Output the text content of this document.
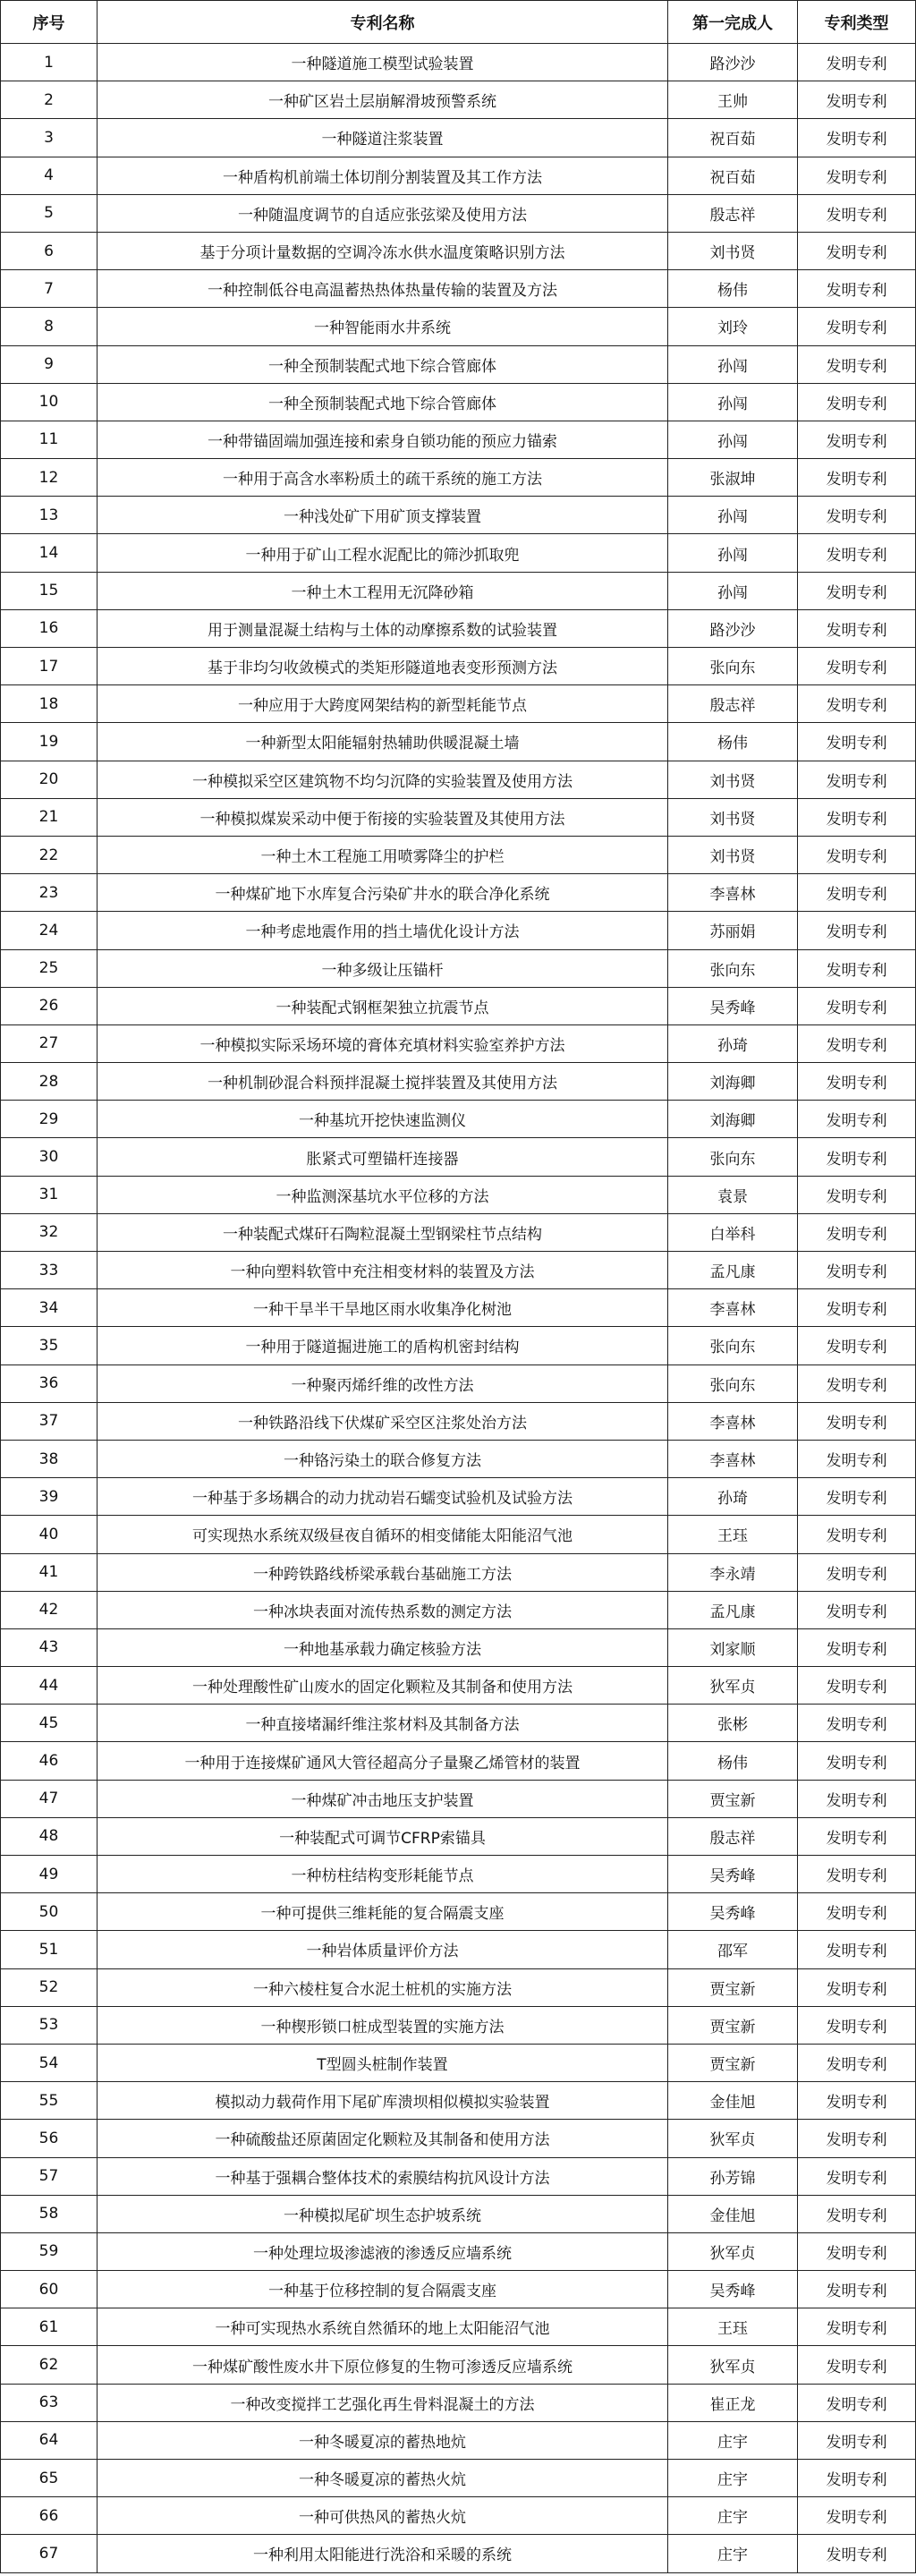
序号	专利名称	第一完成人	专利类型
1	一种隧道施工模型试验装置	路沙沙	发明专利
2	一种矿区岩土层崩解滑坡预警系统	王帅	发明专利
3	一种隧道注浆装置	祝百茹	发明专利
4	一种盾构机前端土体切削分割装置及其工作方法	祝百茹	发明专利
5	一种随温度调节的自适应张弦梁及使用方法	殷志祥	发明专利
6	基于分项计量数据的空调冷冻水供水温度策略识别方法	刘书贤	发明专利
7	一种控制低谷电高温蓄热热体热量传输的装置及方法	杨伟	发明专利
8	一种智能雨水井系统	刘玲	发明专利
9	一种全预制装配式地下综合管廊体	孙闯	发明专利
10	一种全预制装配式地下综合管廊体	孙闯	发明专利
11	一种带锚固端加强连接和索身自锁功能的预应力锚索	孙闯	发明专利
12	一种用于高含水率粉质土的疏干系统的施工方法	张淑坤	发明专利
13	一种浅处矿下用矿顶支撑装置	孙闯	发明专利
14	一种用于矿山工程水泥配比的筛沙抓取兜	孙闯	发明专利
15	一种土木工程用无沉降砂箱	孙闯	发明专利
16	用于测量混凝土结构与土体的动摩擦系数的试验装置	路沙沙	发明专利
17	基于非均匀收敛模式的类矩形隧道地表变形预测方法	张向东	发明专利
18	一种应用于大跨度网架结构的新型耗能节点	殷志祥	发明专利
19	一种新型太阳能辐射热辅助供暖混凝土墙	杨伟	发明专利
20	一种模拟采空区建筑物不均匀沉降的实验装置及使用方法	刘书贤	发明专利
21	一种模拟煤炭采动中便于衔接的实验装置及其使用方法	刘书贤	发明专利
22	一种土木工程施工用喷雾降尘的护栏	刘书贤	发明专利
23	一种煤矿地下水库复合污染矿井水的联合净化系统	李喜林	发明专利
24	一种考虑地震作用的挡土墙优化设计方法	苏丽娟	发明专利
25	一种多级让压锚杆	张向东	发明专利
26	一种装配式钢框架独立抗震节点	吴秀峰	发明专利
27	一种模拟实际采场环境的膏体充填材料实验室养护方法	孙琦	发明专利
28	一种机制砂混合料预拌混凝土搅拌装置及其使用方法	刘海卿	发明专利
29	一种基坑开挖快速监测仪	刘海卿	发明专利
30	胀紧式可塑锚杆连接器	张向东	发明专利
31	一种监测深基坑水平位移的方法	袁景	发明专利
32	一种装配式煤矸石陶粒混凝土型钢梁柱节点结构	白举科	发明专利
33	一种向塑料软管中充注相变材料的装置及方法	孟凡康	发明专利
34	一种干旱半干旱地区雨水收集净化树池	李喜林	发明专利
35	一种用于隧道掘进施工的盾构机密封结构	张向东	发明专利
36	一种聚丙烯纤维的改性方法	张向东	发明专利
37	一种铁路沿线下伏煤矿采空区注浆处治方法	李喜林	发明专利
38	一种铬污染土的联合修复方法	李喜林	发明专利
39	一种基于多场耦合的动力扰动岩石蠕变试验机及试验方法	孙琦	发明专利
40	可实现热水系统双级昼夜自循环的相变储能太阳能沼气池	王珏	发明专利
41	一种跨铁路线桥梁承载台基础施工方法	李永靖	发明专利
42	一种冰块表面对流传热系数的测定方法	孟凡康	发明专利
43	一种地基承载力确定核验方法	刘家顺	发明专利
44	一种处理酸性矿山废水的固定化颗粒及其制备和使用方法	狄军贞	发明专利
45	一种直接堵漏纤维注浆材料及其制备方法	张彬	发明专利
46	一种用于连接煤矿通风大管径超高分子量聚乙烯管材的装置	杨伟	发明专利
47	一种煤矿冲击地压支护装置	贾宝新	发明专利
48	一种装配式可调节CFRP索锚具	殷志祥	发明专利
49	一种枋柱结构变形耗能节点	吴秀峰	发明专利
50	一种可提供三维耗能的复合隔震支座	吴秀峰	发明专利
51	一种岩体质量评价方法	邵军	发明专利
52	一种六棱柱复合水泥土桩机的实施方法	贾宝新	发明专利
53	一种楔形锁口桩成型装置的实施方法	贾宝新	发明专利
54	T型圆头桩制作装置	贾宝新	发明专利
55	模拟动力载荷作用下尾矿库溃坝相似模拟实验装置	金佳旭	发明专利
56	一种硫酸盐还原菌固定化颗粒及其制备和使用方法	狄军贞	发明专利
57	一种基于强耦合整体技术的索膜结构抗风设计方法	孙芳锦	发明专利
58	一种模拟尾矿坝生态护坡系统	金佳旭	发明专利
59	一种处理垃圾渗滤液的渗透反应墙系统	狄军贞	发明专利
60	一种基于位移控制的复合隔震支座	吴秀峰	发明专利
61	一种可实现热水系统自然循环的地上太阳能沼气池	王珏	发明专利
62	一种煤矿酸性废水井下原位修复的生物可渗透反应墙系统	狄军贞	发明专利
63	一种改变搅拌工艺强化再生骨料混凝土的方法	崔正龙	发明专利
64	一种冬暖夏凉的蓄热地炕	庄宇	发明专利
65	一种冬暖夏凉的蓄热火炕	庄宇	发明专利
66	一种可供热风的蓄热火炕	庄宇	发明专利
67	一种利用太阳能进行洗浴和采暖的系统	庄宇	发明专利
